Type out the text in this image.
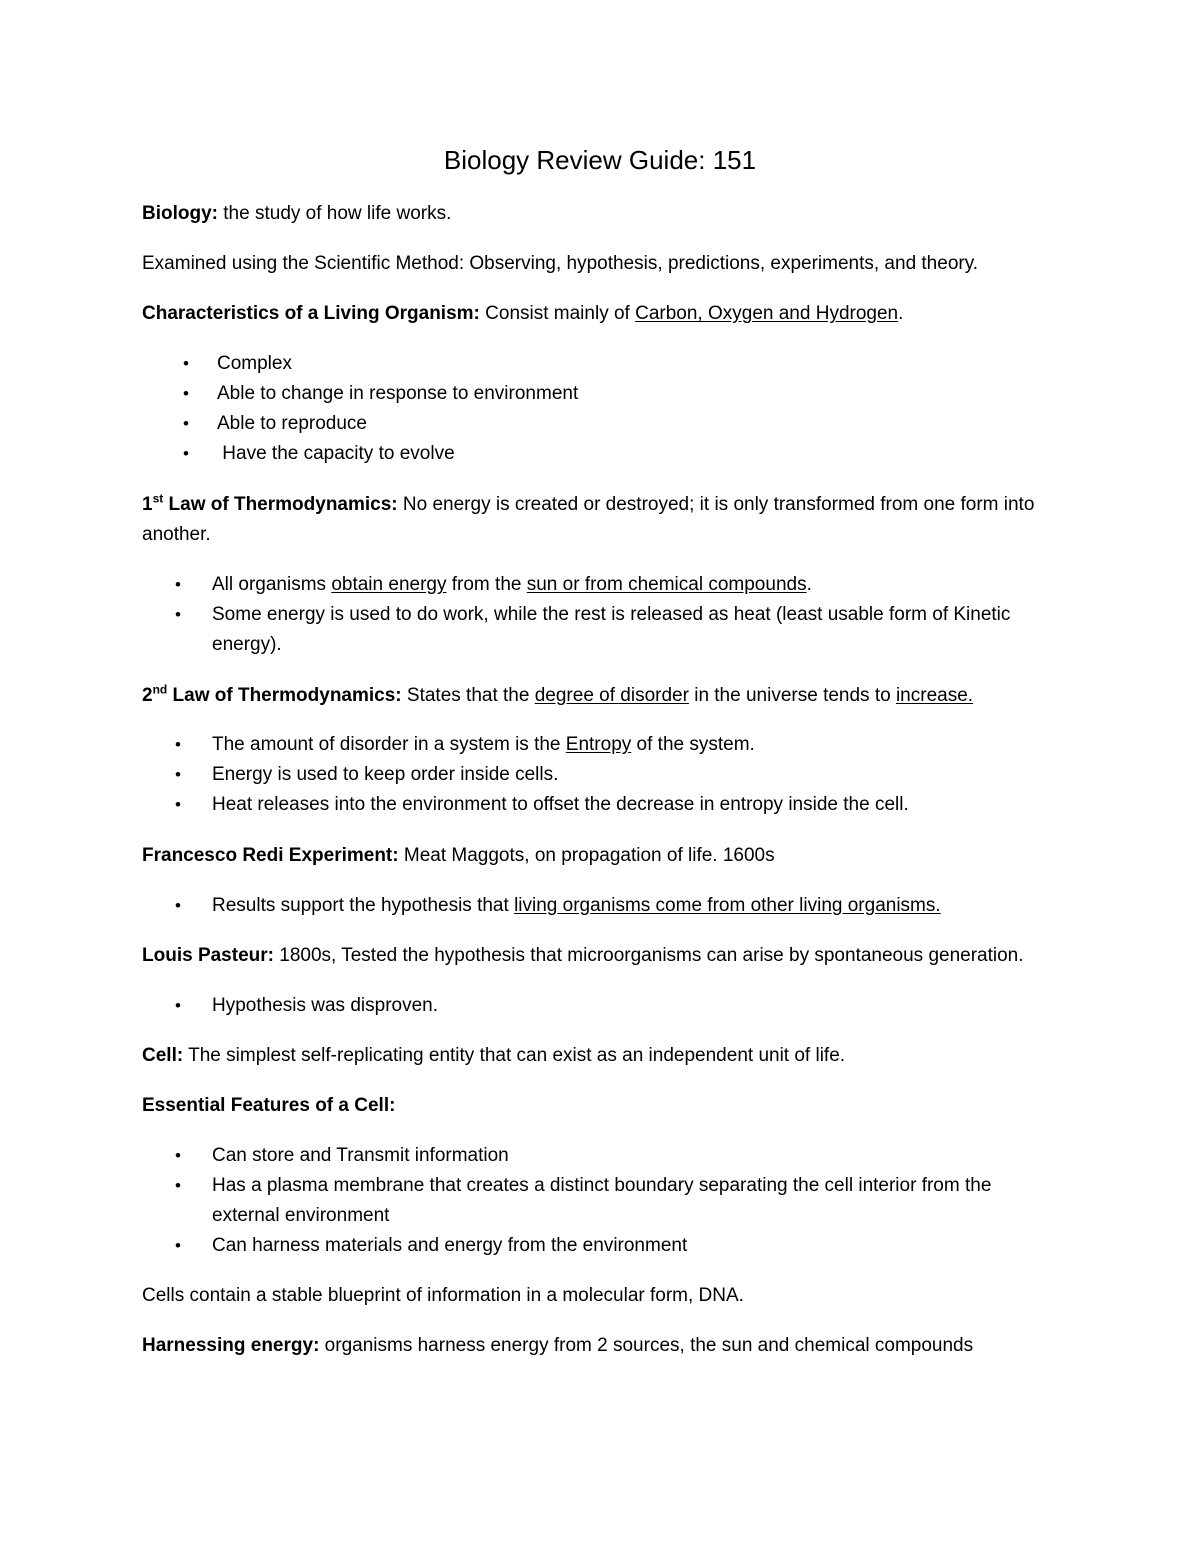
Biology Review Guide: 151
Biology: the study of how life works.
Examined using the Scientific Method: Observing, hypothesis, predictions, experiments, and theory.
Characteristics of a Living Organism: Consist mainly of Carbon, Oxygen and Hydrogen.
• Complex
• Able to change in response to environment
• Able to reproduce
• Have the capacity to evolve
1st Law of Thermodynamics: No energy is created or destroyed; it is only transformed from one form into another.
• All organisms obtain energy from the sun or from chemical compounds.
• Some energy is used to do work, while the rest is released as heat (least usable form of Kinetic energy).
2nd Law of Thermodynamics: States that the degree of disorder in the universe tends to increase.
• The amount of disorder in a system is the Entropy of the system.
• Energy is used to keep order inside cells.
• Heat releases into the environment to offset the decrease in entropy inside the cell.
Francesco Redi Experiment: Meat Maggots, on propagation of life. 1600s
• Results support the hypothesis that living organisms come from other living organisms.
Louis Pasteur: 1800s, Tested the hypothesis that microorganisms can arise by spontaneous generation.
• Hypothesis was disproven.
Cell: The simplest self-replicating entity that can exist as an independent unit of life.
Essential Features of a Cell:
• Can store and Transmit information
• Has a plasma membrane that creates a distinct boundary separating the cell interior from the external environment
• Can harness materials and energy from the environment
Cells contain a stable blueprint of information in a molecular form, DNA.
Harnessing energy: organisms harness energy from 2 sources, the sun and chemical compounds
